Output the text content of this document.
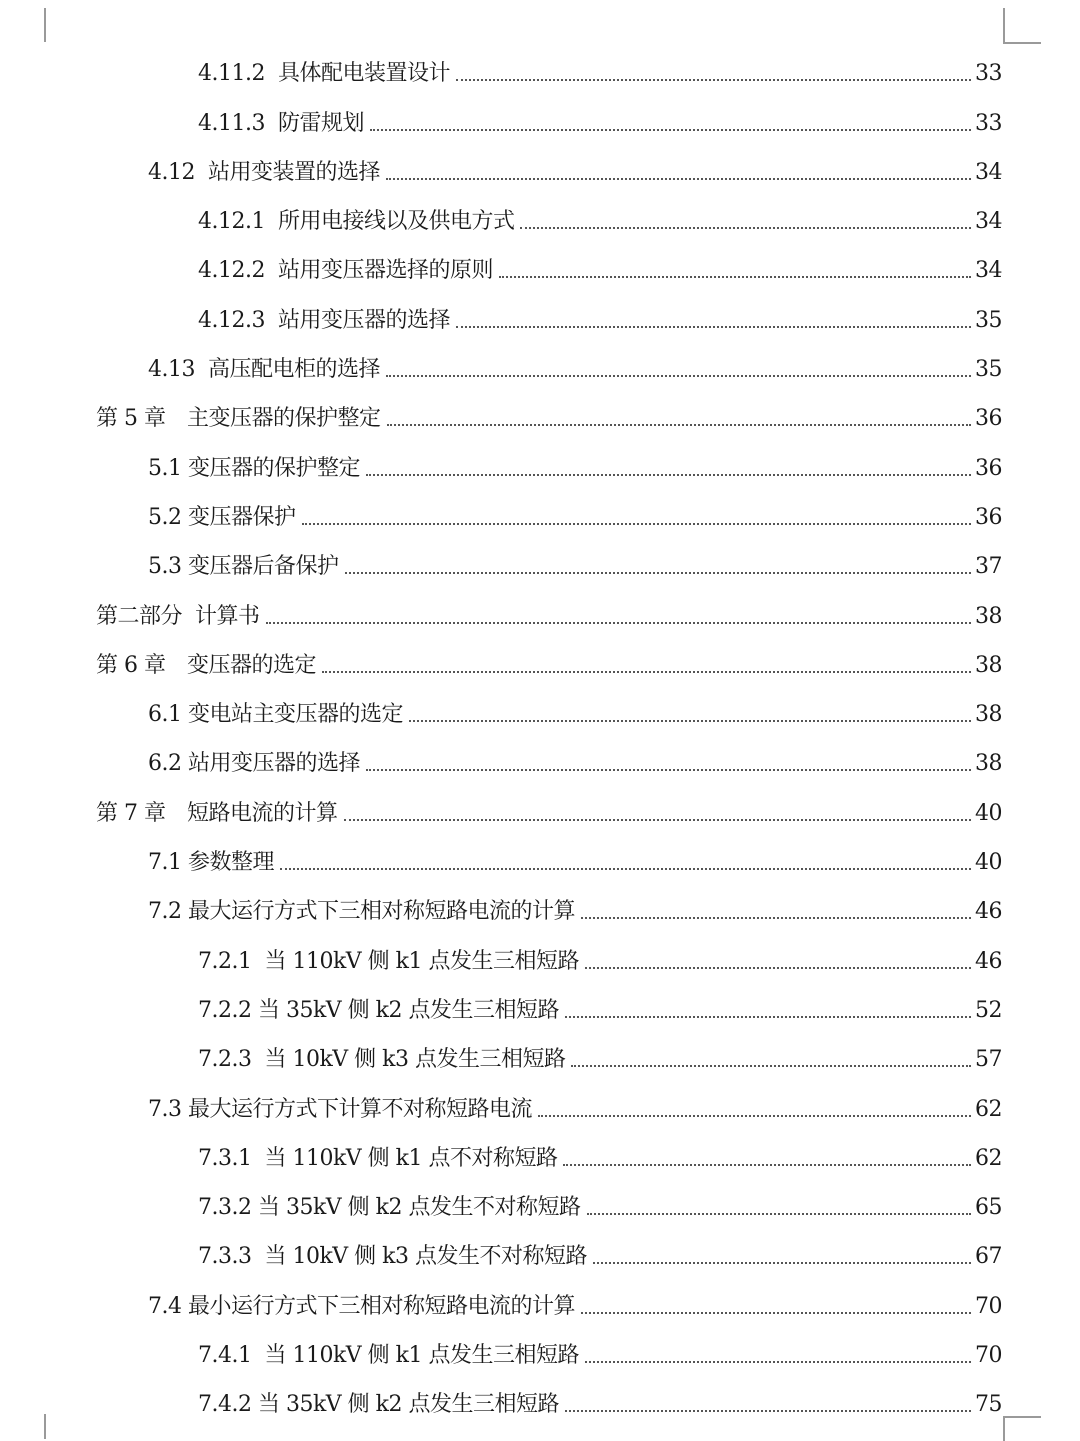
4.11.2 具体配电装置设计	33
4.11.3 防雷规划	33
4.12 站用变装置的选择	34
4.12.1 所用电接线以及供电方式	34
4.12.2 站用变压器选择的原则	34
4.12.3 站用变压器的选择	35
4.13 高压配电柜的选择	35
第 5 章　 主变压器的保护整定	36
5.1 变压器的保护整定	36
5.2 变压器保护	36
5.3 变压器后备保护	37
第二部分 计算书	38
第 6 章　 变压器的选定	38
6.1 变电站主变压器的选定	38
6.2 站用变压器的选择	38
第 7 章　 短路电流的计算	40
7.1 参数整理	40
7.2 最大运行方式下三相对称短路电流的计算	46
7.2.1 当 110kV 侧 k1 点发生三相短路	46
7.2.2 当 35kV 侧 k2 点发生三相短路	52
7.2.3 当 10kV 侧 k3 点发生三相短路	57
7.3 最大运行方式下计算不对称短路电流	62
7.3.1 当 110kV 侧 k1 点不对称短路	62
7.3.2 当 35kV 侧 k2 点发生不对称短路	65
7.3.3 当 10kV 侧 k3 点发生不对称短路	67
7.4 最小运行方式下三相对称短路电流的计算	70
7.4.1 当 110kV 侧 k1 点发生三相短路	70
7.4.2 当 35kV 侧 k2 点发生三相短路	75
